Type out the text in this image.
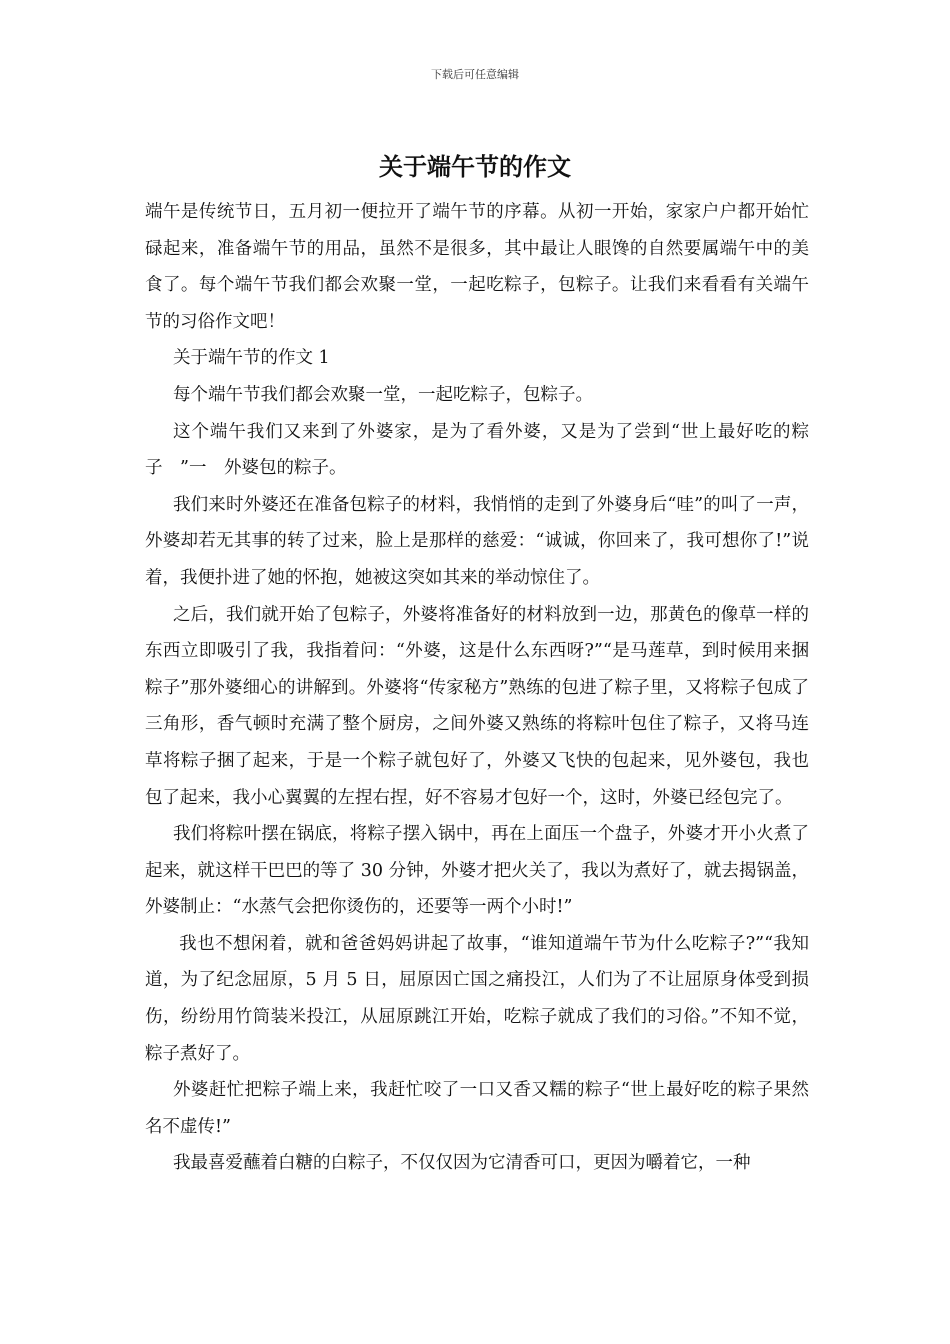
下载后可任意编辑
关于端午节的作文

端午是传统节日，五月初一便拉开了端午节的序幕。从初一开始，家家户户都开始忙碌起来，准备端午节的用品，虽然不是很多，其中最让人眼馋的自然要属端午中的美食了。每个端午节我们都会欢聚一堂，一起吃粽子，包粽子。让我们来看看有关端午节的习俗作文吧！

关于端午节的作文 1

每个端午节我们都会欢聚一堂，一起吃粽子，包粽子。

这个端午我们又来到了外婆家，是为了看外婆，又是为了尝到“世上最好吃的粽子　”一　外婆包的粽子。

我们来时外婆还在准备包粽子的材料，我悄悄的走到了外婆身后“哇”的叫了一声，外婆却若无其事的转了过来，脸上是那样的慈爱：“诚诚，你回来了，我可想你了!”说着，我便扑进了她的怀抱，她被这突如其来的举动惊住了。

之后，我们就开始了包粽子，外婆将准备好的材料放到一边，那黄色的像草一样的东西立即吸引了我，我指着问：“外婆，这是什么东西呀?”“是马莲草，到时候用来捆粽子”那外婆细心的讲解到。外婆将“传家秘方”熟练的包进了粽子里，又将粽子包成了三角形，香气顿时充满了整个厨房，之间外婆又熟练的将粽叶包住了粽子，又将马连草将粽子捆了起来，于是一个粽子就包好了，外婆又飞快的包起来，见外婆包，我也包了起来，我小心翼翼的左捏右捏，好不容易才包好一个，这时，外婆已经包完了。

我们将粽叶摆在锅底，将粽子摆入锅中，再在上面压一个盘子，外婆才开小火煮了起来，就这样干巴巴的等了 30 分钟，外婆才把火关了，我以为煮好了，就去揭锅盖，外婆制止：“水蒸气会把你烫伤的，还要等一两个小时!”

我也不想闲着，就和爸爸妈妈讲起了故事，“谁知道端午节为什么吃粽子?”“我知道，为了纪念屈原，5 月 5 日，屈原因亡国之痛投江，人们为了不让屈原身体受到损伤，纷纷用竹筒装米投江，从屈原跳江开始，吃粽子就成了我们的习俗。”不知不觉，粽子煮好了。

外婆赶忙把粽子端上来，我赶忙咬了一口又香又糯的粽子“世上最好吃的粽子果然名不虚传!”

我最喜爱蘸着白糖的白粽子，不仅仅因为它清香可口，更因为嚼着它，一种
